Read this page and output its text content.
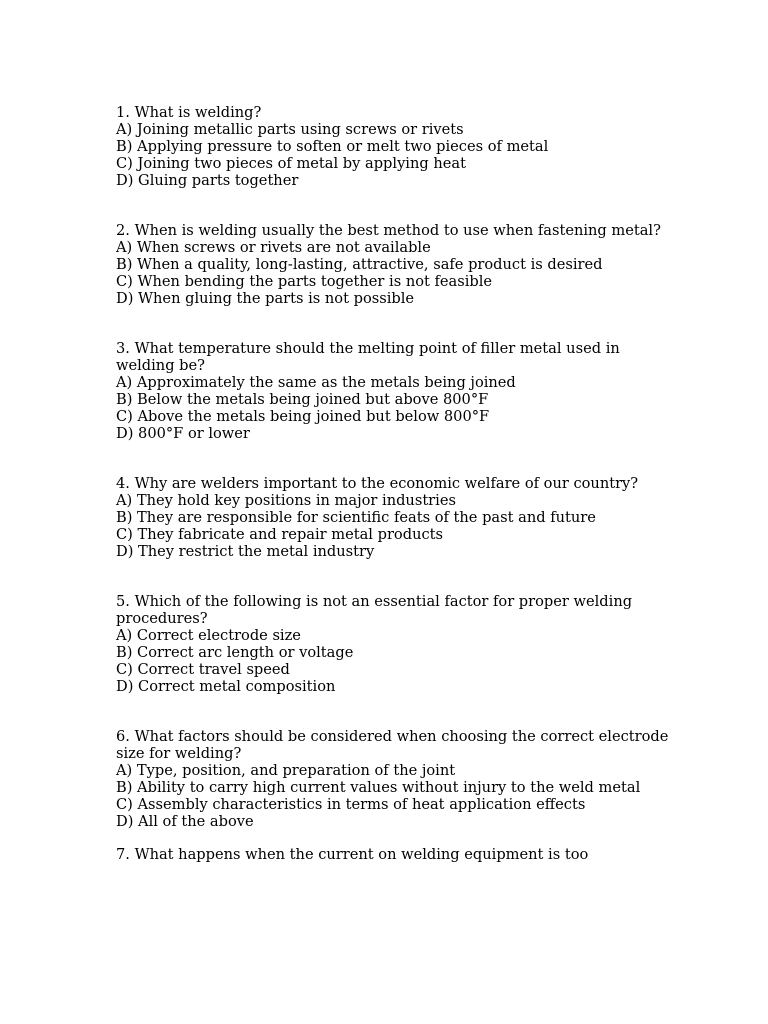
1. What is welding?
A) Joining metallic parts using screws or rivets
B) Applying pressure to soften or melt two pieces of metal
C) Joining two pieces of metal by applying heat
D) Gluing parts together

2. When is welding usually the best method to use when fastening metal?
A) When screws or rivets are not available
B) When a quality, long-lasting, attractive, safe product is desired
C) When bending the parts together is not feasible
D) When gluing the parts is not possible

3. What temperature should the melting point of filler metal used in welding be?
A) Approximately the same as the metals being joined
B) Below the metals being joined but above 800°F
C) Above the metals being joined but below 800°F
D) 800°F or lower

4. Why are welders important to the economic welfare of our country?
A) They hold key positions in major industries
B) They are responsible for scientific feats of the past and future
C) They fabricate and repair metal products
D) They restrict the metal industry

5. Which of the following is not an essential factor for proper welding procedures?
A) Correct electrode size
B) Correct arc length or voltage
C) Correct travel speed
D) Correct metal composition

6. What factors should be considered when choosing the correct electrode size for welding?
A) Type, position, and preparation of the joint
B) Ability to carry high current values without injury to the weld metal
C) Assembly characteristics in terms of heat application effects
D) All of the above

7. What happens when the current on welding equipment is too
